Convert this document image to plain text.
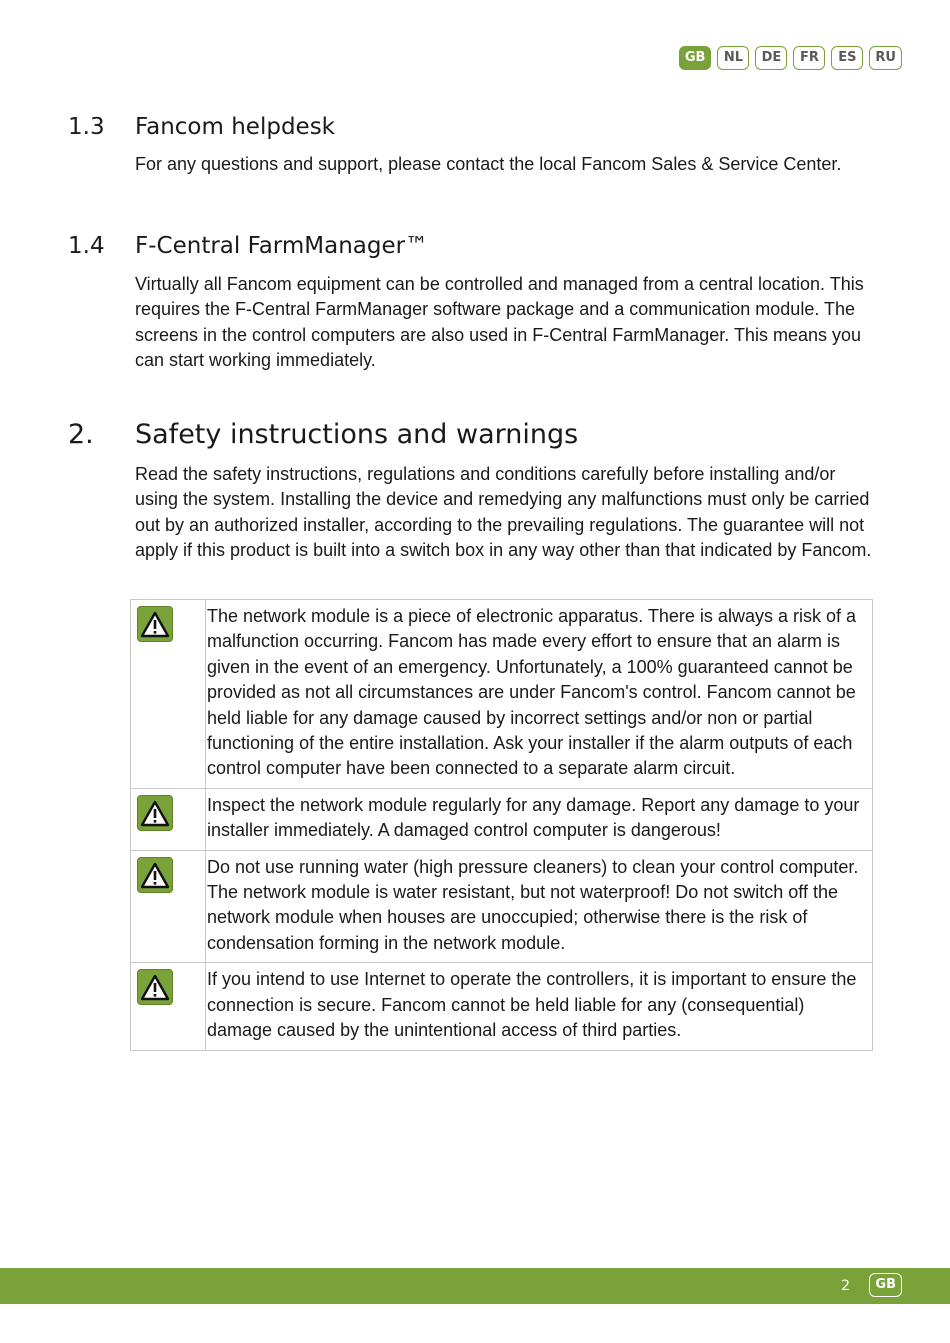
GB	NL	DE	FR	ES	RU
1.3	Fancom helpdesk

For any questions and support, please contact the local Fancom Sales & Service Center.

1.4	F-Central FarmManager™

Virtually all Fancom equipment can be controlled and managed from a central location. This requires the F-Central FarmManager software package and a communication module. The screens in the control computers are also used in F-Central FarmManager. This means you can start working immediately.

2.	Safety instructions and warnings

Read the safety instructions, regulations and conditions carefully before installing and/or using the system. Installing the device and remedying any malfunctions must only be carried out by an authorized installer, according to the prevailing regulations. The guarantee will not apply if this product is built into a switch box in any way other than that indicated by Fancom.

	The network module is a piece of electronic apparatus. There is always a risk of a malfunction occurring. Fancom has made every effort to ensure that an alarm is given in the event of an emergency. Unfortunately, a 100% guaranteed cannot be provided as not all circumstances are under Fancom's control. Fancom cannot be held liable for any damage caused by incorrect settings and/or non or partial functioning of the entire installation. Ask your installer if the alarm outputs of each control computer have been connected to a separate alarm circuit.

	Inspect the network module regularly for any damage. Report any damage to your installer immediately. A damaged control computer is dangerous!

	Do not use running water (high pressure cleaners) to clean your control computer. The network module is water resistant, but not waterproof! Do not switch off the network module when houses are unoccupied; otherwise there is the risk of condensation forming in the network module.

	If you intend to use Internet to operate the controllers, it is important to ensure the connection is secure. Fancom cannot be held liable for any (consequential) damage caused by the unintentional access of third parties.
2	GB
